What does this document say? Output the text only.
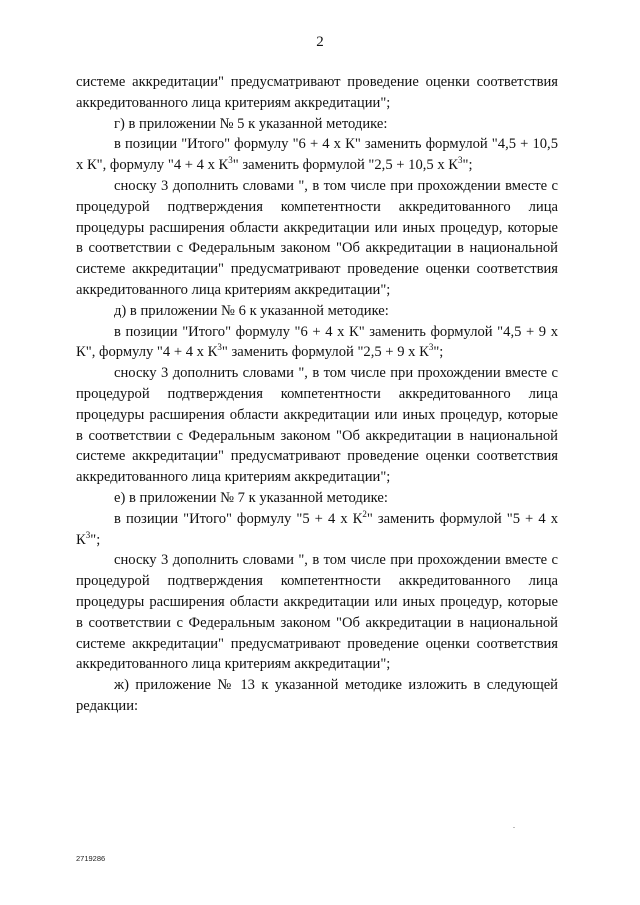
2

системе аккредитации" предусматривают проведение оценки соответствия аккредитованного лица критериям аккредитации";

г) в приложении № 5 к указанной методике:

в позиции "Итого" формулу "6 + 4 x К" заменить формулой "4,5 + 10,5 x К", формулу "4 + 4 x $К^3$" заменить формулой "2,5 + 10,5 x $К^3$";

сноску 3 дополнить словами ", в том числе при прохождении вместе с процедурой подтверждения компетентности аккредитованного лица процедуры расширения области аккредитации или иных процедур, которые в соответствии с Федеральным законом "Об аккредитации в национальной системе аккредитации" предусматривают проведение оценки соответствия аккредитованного лица критериям аккредитации";

д) в приложении № 6 к указанной методике:

в позиции "Итого" формулу "6 + 4 x К" заменить формулой "4,5 + 9 x К", формулу "4 + 4 x $К^3$" заменить формулой "2,5 + 9 x $К^3$";

сноску 3 дополнить словами ", в том числе при прохождении вместе с процедурой подтверждения компетентности аккредитованного лица процедуры расширения области аккредитации или иных процедур, которые в соответствии с Федеральным законом "Об аккредитации в национальной системе аккредитации" предусматривают проведение оценки соответствия аккредитованного лица критериям аккредитации";

е) в приложении № 7 к указанной методике:

в позиции "Итого" формулу "5 + 4 x $К^2$" заменить формулой "5 + 4 x $К^3$";

сноску 3 дополнить словами ", в том числе при прохождении вместе с процедурой подтверждения компетентности аккредитованного лица процедуры расширения области аккредитации или иных процедур, которые в соответствии с Федеральным законом "Об аккредитации в национальной системе аккредитации" предусматривают проведение оценки соответствия аккредитованного лица критериям аккредитации";

ж) приложение № 13 к указанной методике изложить в следующей редакции:

2719286
